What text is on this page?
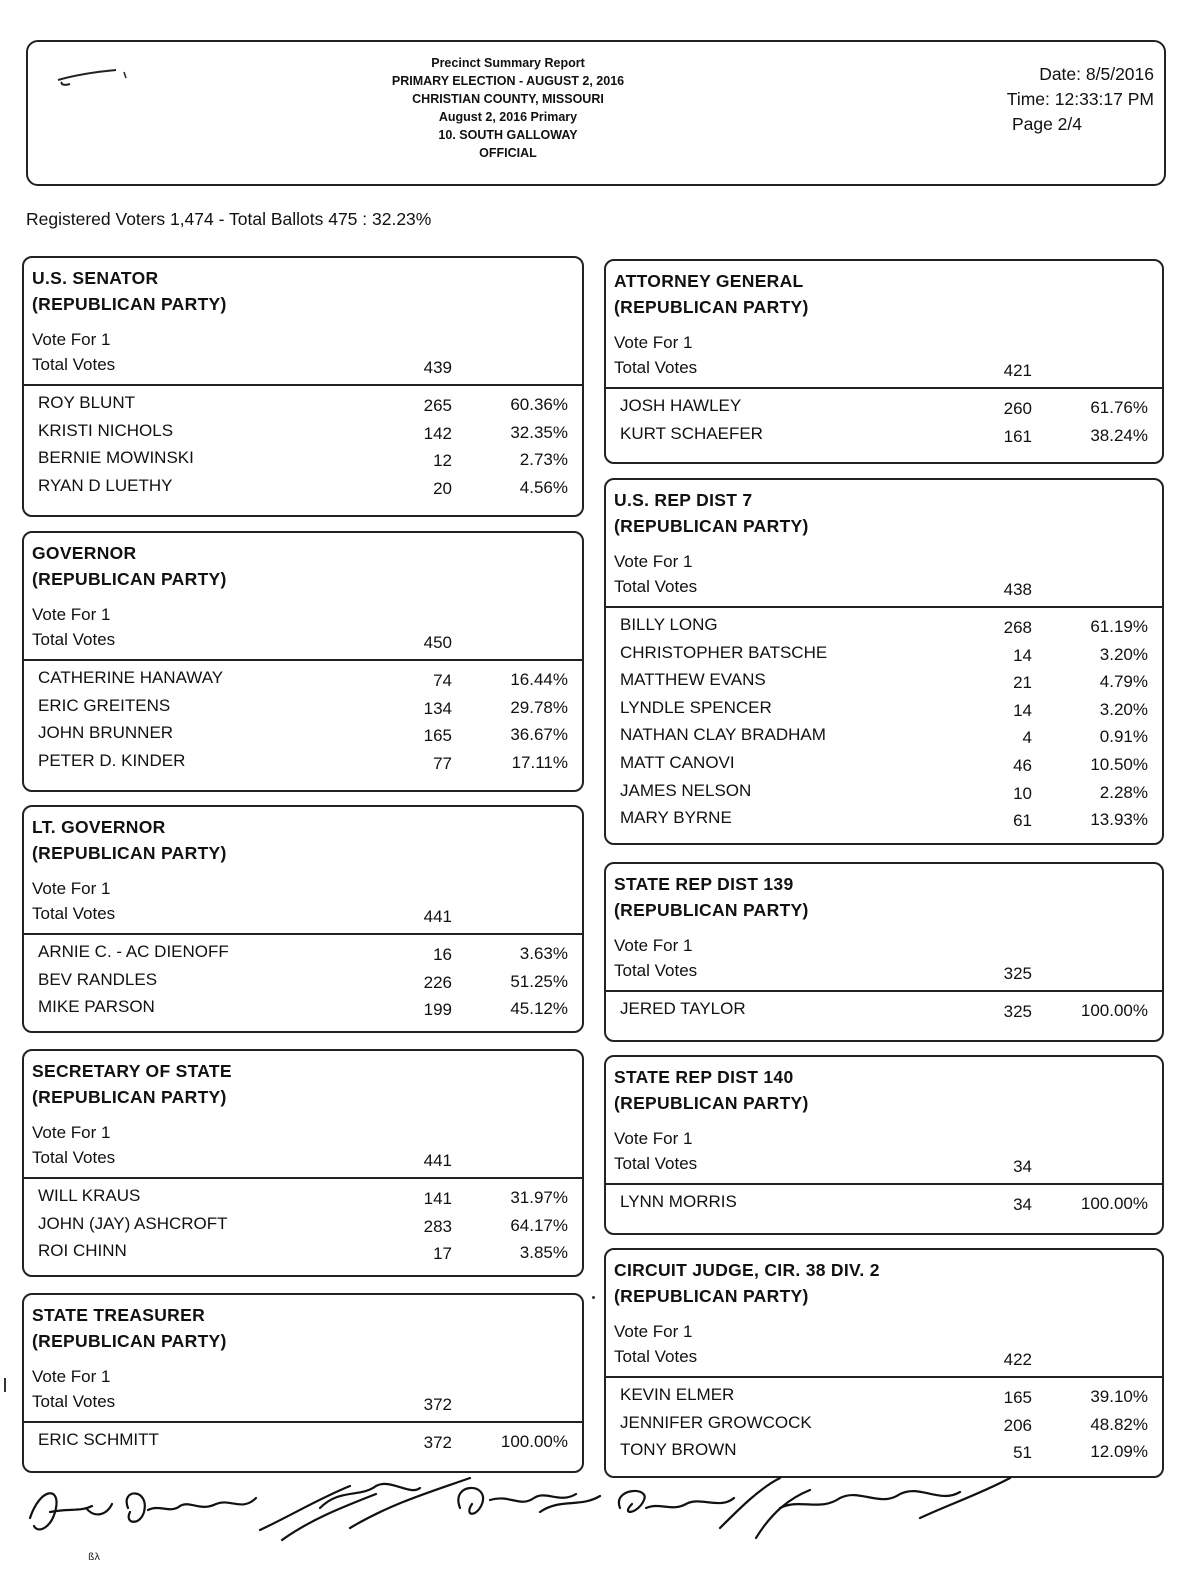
Precinct Summary Report
PRIMARY ELECTION - AUGUST 2, 2016
CHRISTIAN COUNTY, MISSOURI
August 2, 2016 Primary
10. SOUTH GALLOWAY
OFFICIAL
Date: 8/5/2016
Time: 12:33:17 PM
Page 2/4
Registered Voters 1,474 - Total Ballots 475 : 32.23%
U.S. SENATOR
(REPUBLICAN PARTY)
Vote For 1
Total Votes	439
ROY BLUNT	265	60.36%
KRISTI NICHOLS	142	32.35%
BERNIE MOWINSKI	12	2.73%
RYAN D LUETHY	20	4.56%
GOVERNOR
(REPUBLICAN PARTY)
Vote For 1
Total Votes	450
CATHERINE HANAWAY	74	16.44%
ERIC GREITENS	134	29.78%
JOHN BRUNNER	165	36.67%
PETER D. KINDER	77	17.11%
LT. GOVERNOR
(REPUBLICAN PARTY)
Vote For 1
Total Votes	441
ARNIE C. - AC DIENOFF	16	3.63%
BEV RANDLES	226	51.25%
MIKE PARSON	199	45.12%
SECRETARY OF STATE
(REPUBLICAN PARTY)
Vote For 1
Total Votes	441
WILL KRAUS	141	31.97%
JOHN (JAY) ASHCROFT	283	64.17%
ROI CHINN	17	3.85%
STATE TREASURER
(REPUBLICAN PARTY)
Vote For 1
Total Votes	372
ERIC SCHMITT	372	100.00%
ATTORNEY GENERAL
(REPUBLICAN PARTY)
Vote For 1
Total Votes	421
JOSH HAWLEY	260	61.76%
KURT SCHAEFER	161	38.24%
U.S. REP DIST 7
(REPUBLICAN PARTY)
Vote For 1
Total Votes	438
BILLY LONG	268	61.19%
CHRISTOPHER BATSCHE	14	3.20%
MATTHEW EVANS	21	4.79%
LYNDLE SPENCER	14	3.20%
NATHAN CLAY BRADHAM	4	0.91%
MATT CANOVI	46	10.50%
JAMES NELSON	10	2.28%
MARY BYRNE	61	13.93%
STATE REP DIST 139
(REPUBLICAN PARTY)
Vote For 1
Total Votes	325
JERED TAYLOR	325	100.00%
STATE REP DIST 140
(REPUBLICAN PARTY)
Vote For 1
Total Votes	34
LYNN MORRIS	34	100.00%
CIRCUIT JUDGE, CIR. 38 DIV. 2
(REPUBLICAN PARTY)
Vote For 1
Total Votes	422
KEVIN ELMER	165	39.10%
JENNIFER GROWCOCK	206	48.82%
TONY BROWN	51	12.09%
ßλ
